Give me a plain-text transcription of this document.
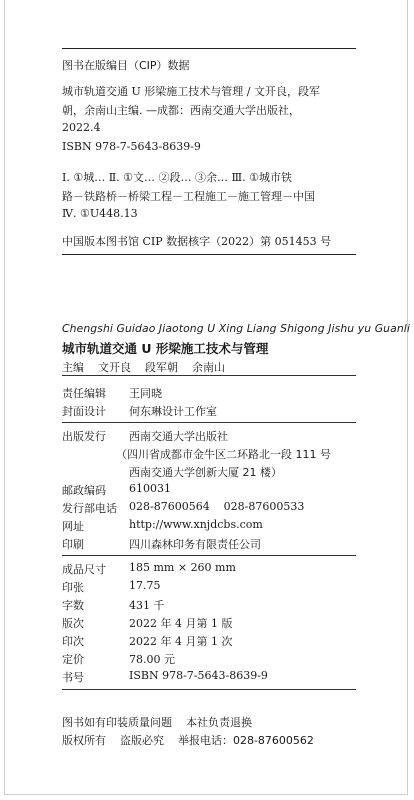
图书在版编目（CIP）数据
城市轨道交通 U 形梁施工技术与管理 / 文开良，段军
朝，余南山主编. —成都：西南交通大学出版社，
2022.4
ISBN 978-7-5643-8639-9
Ⅰ. ①城… Ⅱ. ①文… ②段… ③余… Ⅲ. ①城市铁
路－铁路桥－桥梁工程－工程施工－施工管理－中国
Ⅳ. ①U448.13
中国版本图书馆 CIP 数据核字（2022）第 051453 号
Chengshi Guidao Jiaotong U Xing Liang Shigong Jishu yu Guanli
城市轨道交通 U 形梁施工技术与管理
主编    文开良    段军朝    余南山
责任编辑 王同晓
封面设计 何东琳设计工作室
出版发行 西南交通大学出版社
（四川省成都市金牛区二环路北一段 111 号
西南交通大学创新大厦 21 楼）
邮政编码 610031
发行部电话 028-87600564    028-87600533
网址	http://www.xnjdcbs.com
印刷	四川森林印务有限责任公司
成品尺寸 185 mm × 260 mm
印张	17.75
字数	431 千
版次	2022 年 4 月第 1 版
印次	2022 年 4 月第 1 次
定价	78.00 元
书号	ISBN 978-7-5643-8639-9
图书如有印装质量问题    本社负责退换
版权所有    盗版必究    举报电话：028-87600562
